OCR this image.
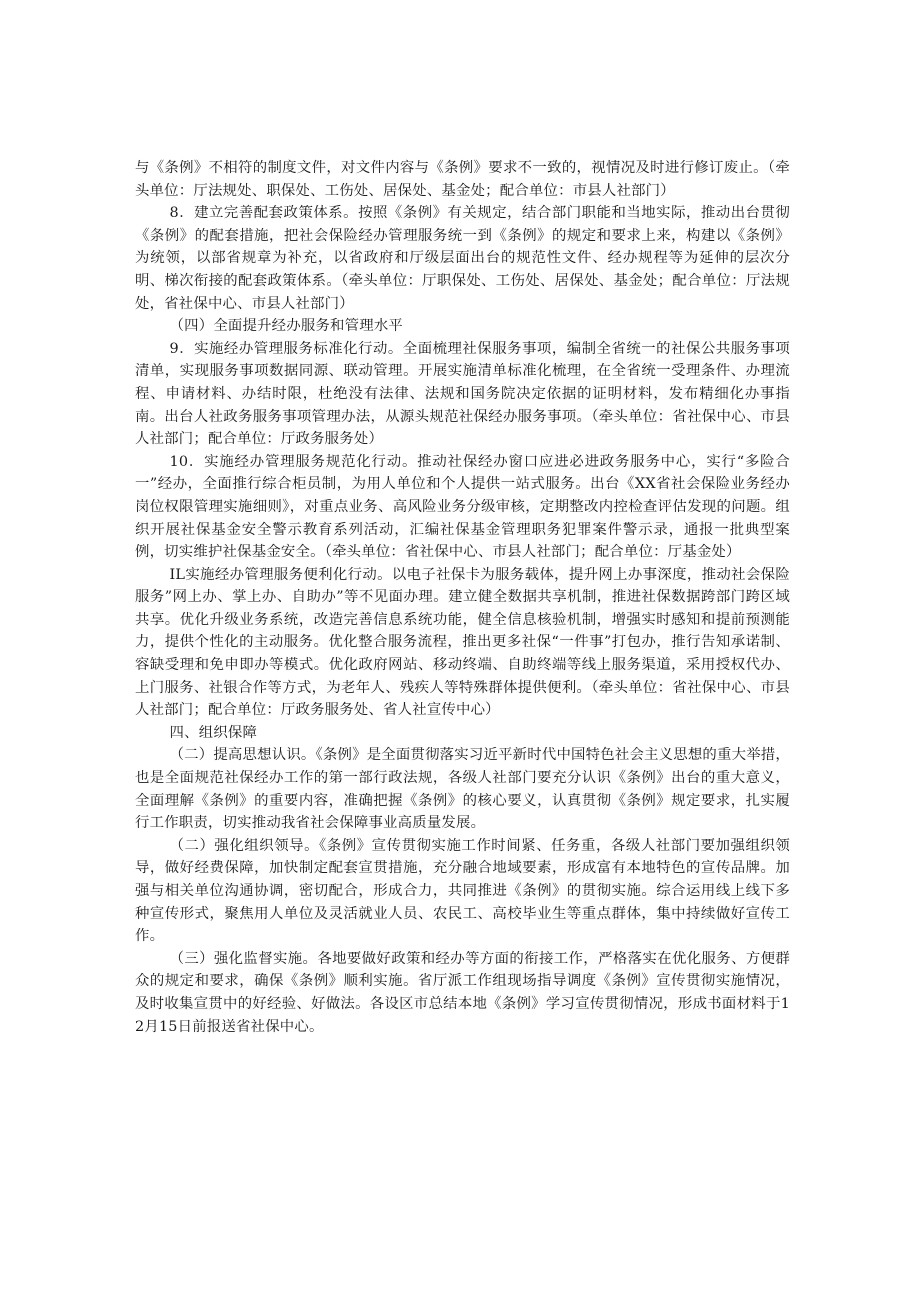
与《条例》不相符的制度文件，对文件内容与《条例》要求不一致的，视情况及时进行修订废止。（牵头单位：厅法规处、职保处、工伤处、居保处、基金处；配合单位：市县人社部门）

8．建立完善配套政策体系。按照《条例》有关规定，结合部门职能和当地实际，推动出台贯彻《条例》的配套措施，把社会保险经办管理服务统一到《条例》的规定和要求上来，构建以《条例》为统领，以部省规章为补充，以省政府和厅级层面出台的规范性文件、经办规程等为延伸的层次分明、梯次衔接的配套政策体系。（牵头单位：厅职保处、工伤处、居保处、基金处；配合单位：厅法规处，省社保中心、市县人社部门）

（四）全面提升经办服务和管理水平

9．实施经办管理服务标准化行动。全面梳理社保服务事项，编制全省统一的社保公共服务事项清单，实现服务事项数据同源、联动管理。开展实施清单标准化梳理，在全省统一受理条件、办理流程、申请材料、办结时限，杜绝没有法律、法规和国务院决定依据的证明材料，发布精细化办事指南。出台人社政务服务事项管理办法，从源头规范社保经办服务事项。（牵头单位：省社保中心、市县人社部门；配合单位：厅政务服务处）

10．实施经办管理服务规范化行动。推动社保经办窗口应进必进政务服务中心，实行“多险合一”经办，全面推行综合柜员制，为用人单位和个人提供一站式服务。出台《XX省社会保险业务经办岗位权限管理实施细则》，对重点业务、高风险业务分级审核，定期整改内控检查评估发现的问题。组织开展社保基金安全警示教育系列活动，汇编社保基金管理职务犯罪案件警示录，通报一批典型案例，切实维护社保基金安全。（牵头单位：省社保中心、市县人社部门；配合单位：厅基金处）

IL实施经办管理服务便利化行动。以电子社保卡为服务载体，提升网上办事深度，推动社会保险服务”网上办、掌上办、自助办”等不见面办理。建立健全数据共享机制，推进社保数据跨部门跨区域共享。优化升级业务系统，改造完善信息系统功能，健全信息核验机制，增强实时感知和提前预测能力，提供个性化的主动服务。优化整合服务流程，推出更多社保“一件事”打包办，推行告知承诺制、容缺受理和免申即办等模式。优化政府网站、移动终端、自助终端等线上服务渠道，采用授权代办、上门服务、社银合作等方式，为老年人、残疾人等特殊群体提供便利。（牵头单位：省社保中心、市县人社部门；配合单位：厅政务服务处、省人社宣传中心）

四、组织保障

（二）提高思想认识。《条例》是全面贯彻落实习近平新时代中国特色社会主义思想的重大举措，也是全面规范社保经办工作的第一部行政法规，各级人社部门要充分认识《条例》出台的重大意义，全面理解《条例》的重要内容，准确把握《条例》的核心要义，认真贯彻《条例》规定要求，扎实履行工作职责，切实推动我省社会保障事业高质量发展。

（二）强化组织领导。《条例》宣传贯彻实施工作时间紧、任务重，各级人社部门要加强组织领导，做好经费保障，加快制定配套宣贯措施，充分融合地域要素，形成富有本地特色的宣传品牌。加强与相关单位沟通协调，密切配合，形成合力，共同推进《条例》的贯彻实施。综合运用线上线下多种宣传形式，聚焦用人单位及灵活就业人员、农民工、高校毕业生等重点群体，集中持续做好宣传工作。

（三）强化监督实施。各地要做好政策和经办等方面的衔接工作，严格落实在优化服务、方便群众的规定和要求，确保《条例》顺利实施。省厅派工作组现场指导调度《条例》宣传贯彻实施情况，及时收集宣贯中的好经验、好做法。各设区市总结本地《条例》学习宣传贯彻情况，形成书面材料于12月15日前报送省社保中心。
